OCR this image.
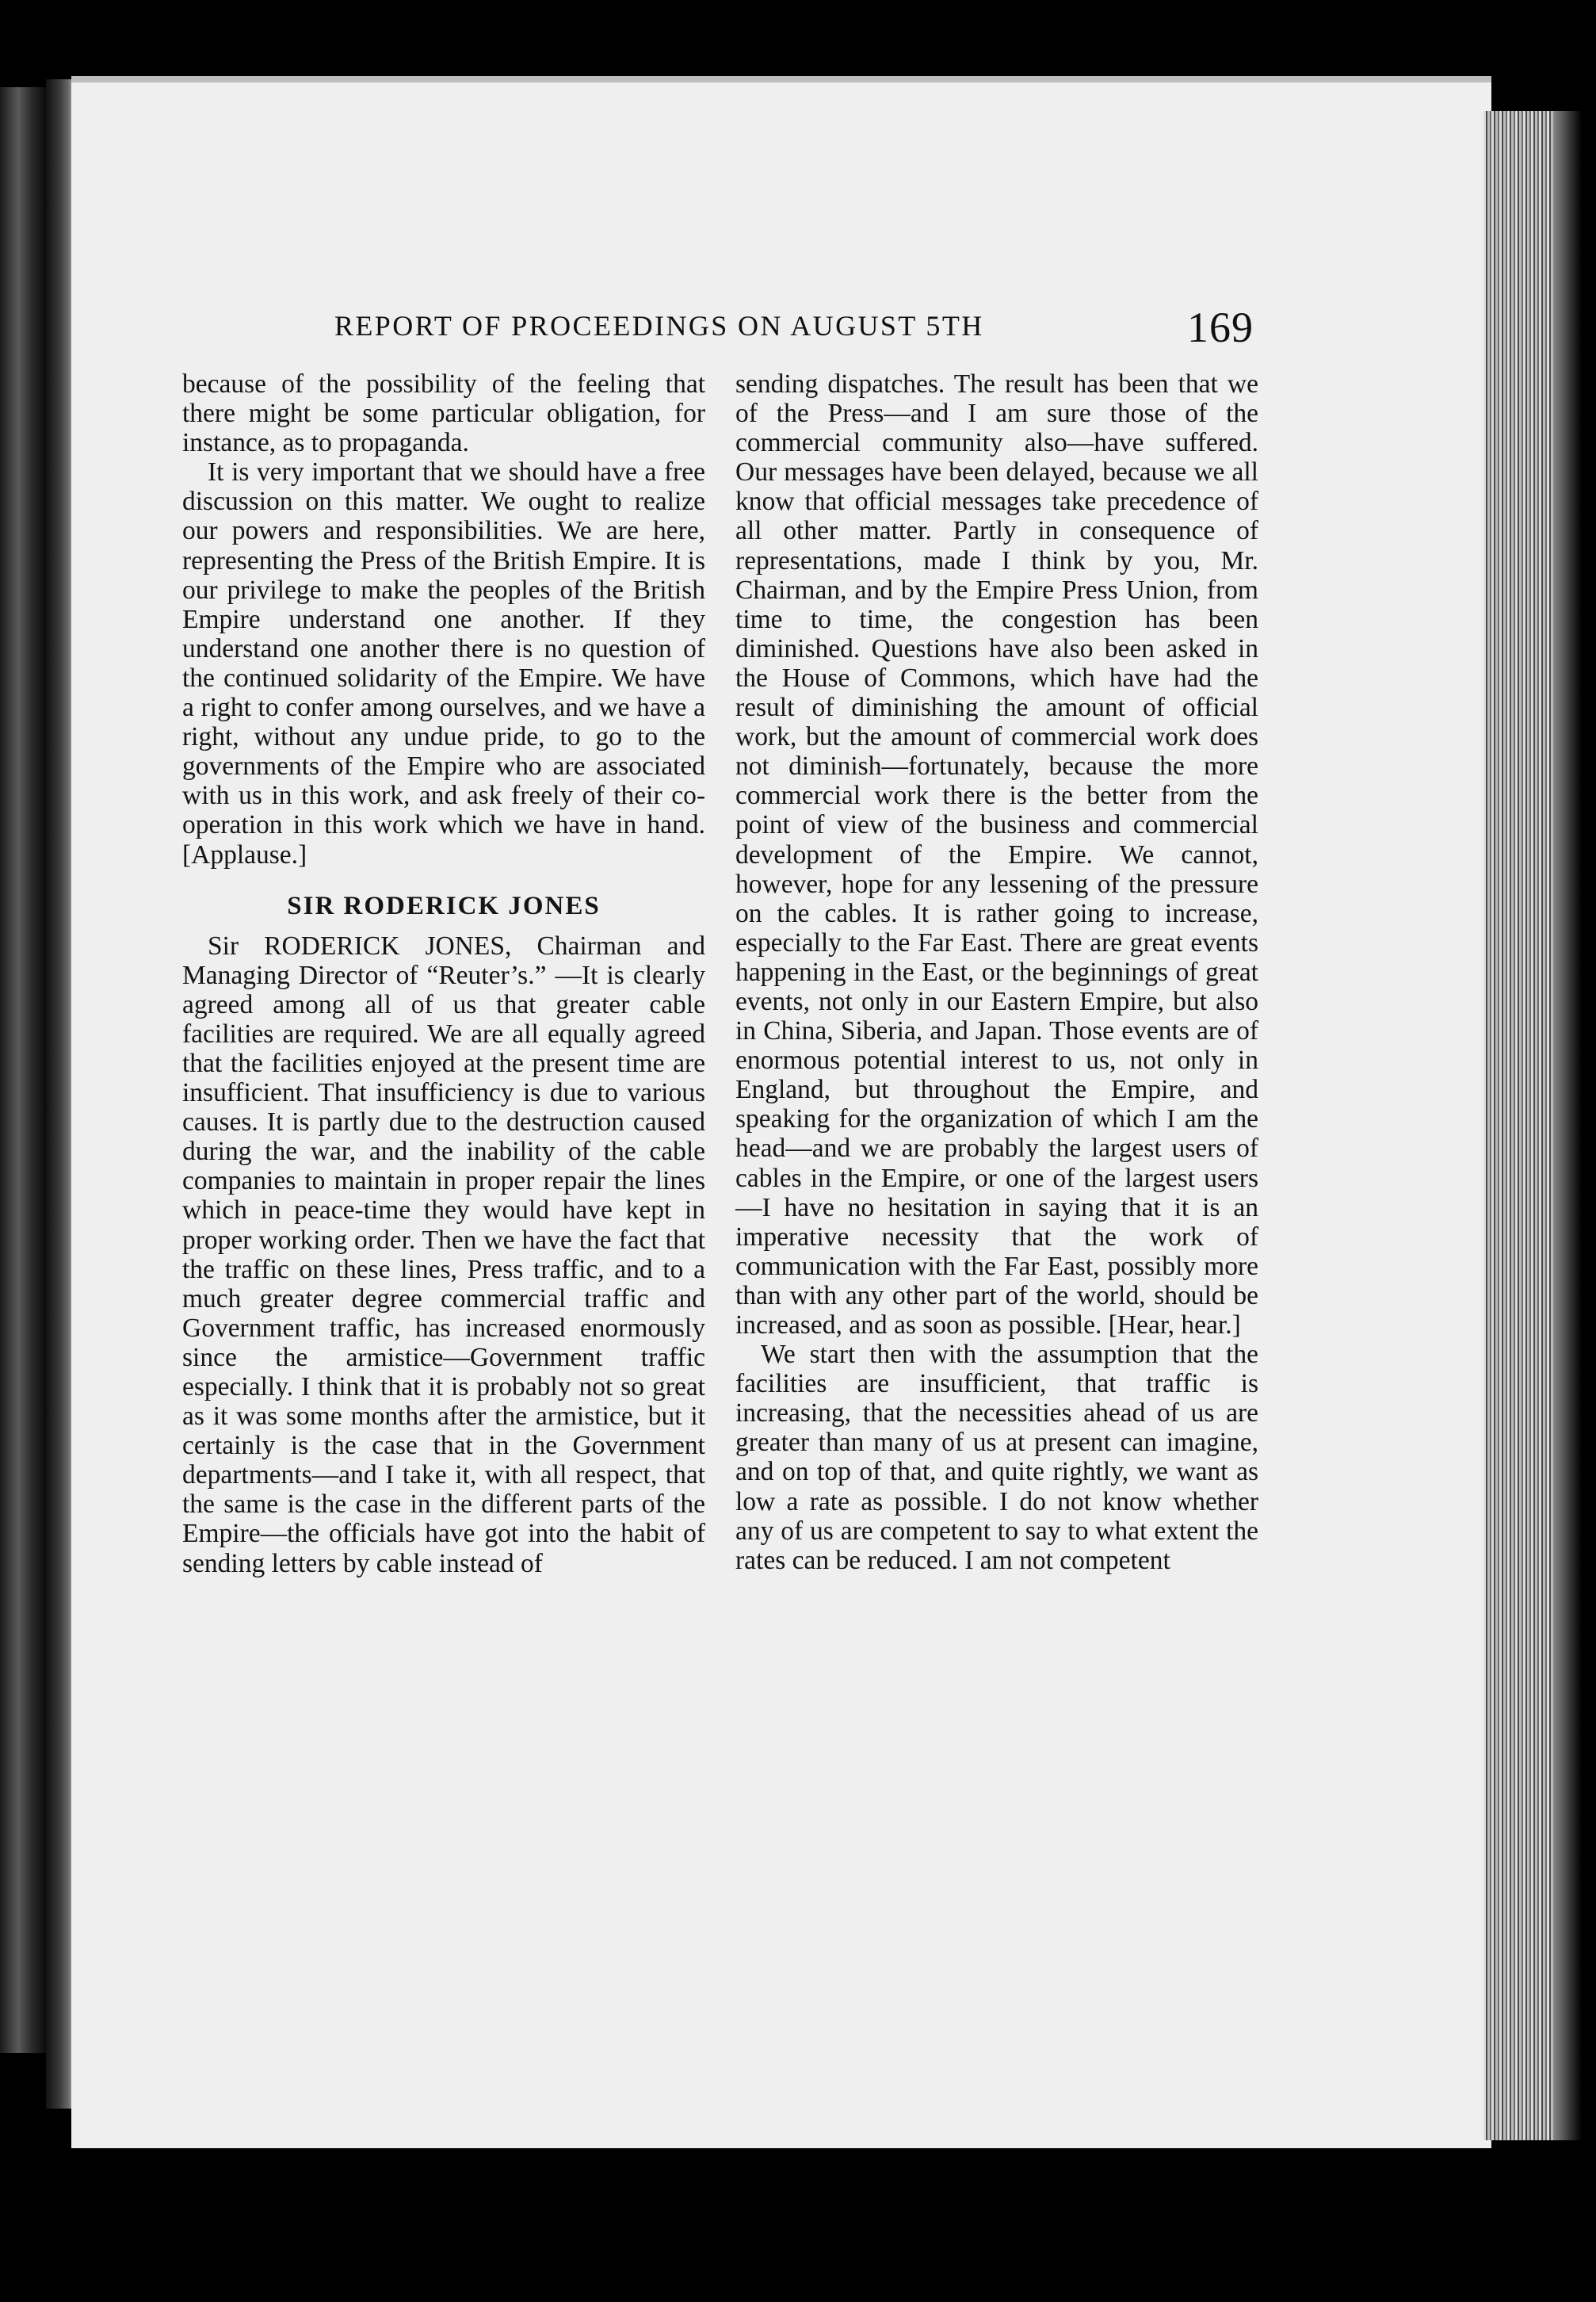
REPORT OF PROCEEDINGS ON AUGUST 5TH	169

because of the possibility of the feeling that there might be some particular obligation, for instance, as to propaganda.

It is very important that we should have a free discussion on this matter. We ought to realize our powers and responsibilities. We are here, representing the Press of the British Empire. It is our privilege to make the peoples of the British Empire understand one another. If they understand one another there is no question of the continued solidarity of the Empire. We have a right to confer among ourselves, and we have a right, without any undue pride, to go to the governments of the Empire who are associated with us in this work, and ask freely of their co-operation in this work which we have in hand. [Applause.]

SIR RODERICK JONES

Sir RODERICK JONES, Chairman and Managing Director of “Reuter’s.” —It is clearly agreed among all of us that greater cable facilities are required. We are all equally agreed that the facilities enjoyed at the present time are insufficient. That insufficiency is due to various causes. It is partly due to the destruction caused during the war, and the inability of the cable companies to maintain in proper repair the lines which in peace-time they would have kept in proper working order. Then we have the fact that the traffic on these lines, Press traffic, and to a much greater degree commercial traffic and Government traffic, has increased enormously since the armistice—Government traffic especially. I think that it is probably not so great as it was some months after the armistice, but it certainly is the case that in the Government departments—and I take it, with all respect, that the same is the case in the different parts of the Empire—the officials have got into the habit of sending letters by cable instead of

sending dispatches. The result has been that we of the Press—and I am sure those of the commercial community also—have suffered. Our messages have been delayed, because we all know that official messages take precedence of all other matter. Partly in consequence of representations, made I think by you, Mr. Chairman, and by the Empire Press Union, from time to time, the congestion has been diminished. Questions have also been asked in the House of Commons, which have had the result of diminishing the amount of official work, but the amount of commercial work does not diminish—fortunately, because the more commercial work there is the better from the point of view of the business and commercial development of the Empire. We cannot, however, hope for any lessening of the pressure on the cables. It is rather going to increase, especially to the Far East. There are great events happening in the East, or the beginnings of great events, not only in our Eastern Empire, but also in China, Siberia, and Japan. Those events are of enormous potential interest to us, not only in England, but throughout the Empire, and speaking for the organization of which I am the head—and we are probably the largest users of cables in the Empire, or one of the largest users—I have no hesitation in saying that it is an imperative necessity that the work of communication with the Far East, possibly more than with any other part of the world, should be increased, and as soon as possible. [Hear, hear.]

We start then with the assumption that the facilities are insufficient, that traffic is increasing, that the necessities ahead of us are greater than many of us at present can imagine, and on top of that, and quite rightly, we want as low a rate as possible. I do not know whether any of us are competent to say to what extent the rates can be reduced. I am not competent
